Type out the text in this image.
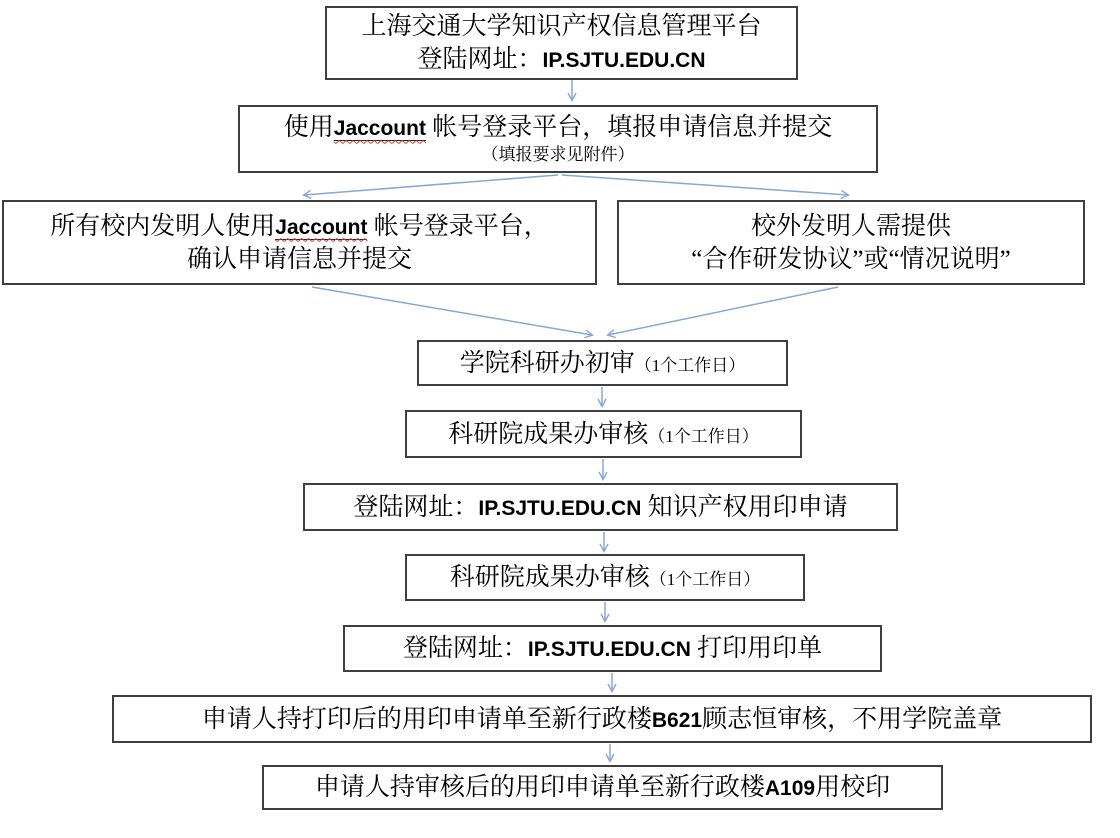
上海交通大学知识产权信息管理平台
登陆网址：IP.SJTU.EDU.CN
使用Jaccount 帐号登录平台，填报申请信息并提交
（填报要求见附件）
所有校内发明人使用Jaccount 帐号登录平台，
确认申请信息并提交
校外发明人需提供
“合作研发协议”或“情况说明”
学院科研办初审（1个工作日）
科研院成果办审核（1个工作日）
登陆网址：IP.SJTU.EDU.CN 知识产权用印申请
科研院成果办审核（1个工作日）
登陆网址：IP.SJTU.EDU.CN 打印用印单
申请人持打印后的用印申请单至新行政楼B621顾志恒审核，不用学院盖章
申请人持审核后的用印申请单至新行政楼A109用校印
